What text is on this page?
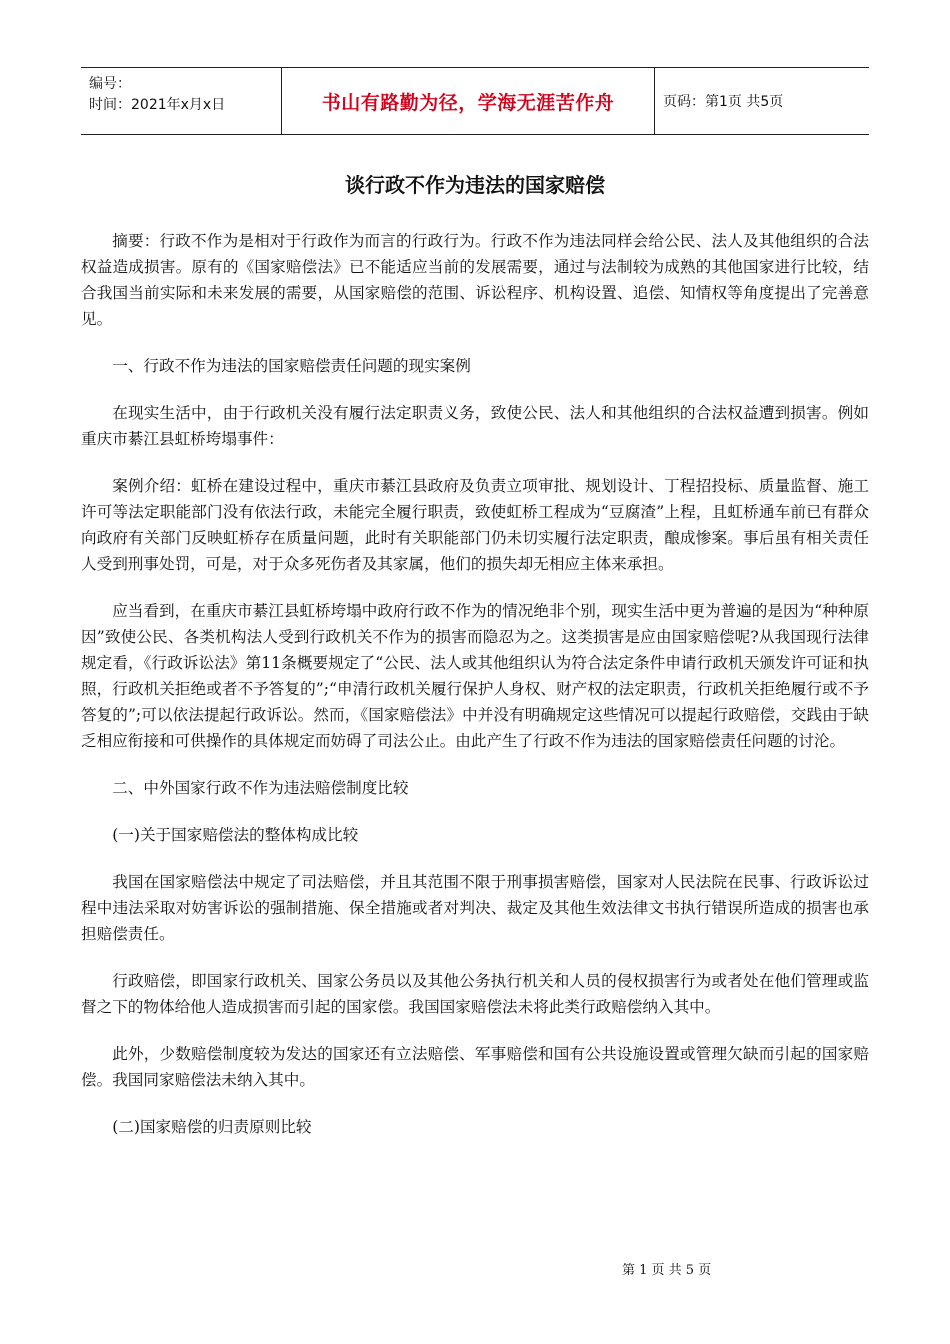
编号：
时间：2021年x月x日	书山有路勤为径，学海无涯苦作舟	页码：第1页 共5页
谈行政不作为违法的国家赔偿

摘要：行政不作为是相对于行政作为而言的行政行为。行政不作为违法同样会给公民、法人及其他组织的合法权益造成损害。原有的《国家赔偿法》已不能适应当前的发展需要，通过与法制较为成熟的其他国家进行比较，结合我国当前实际和未来发展的需要，从国家赔偿的范围、诉讼程序、机构设置、追偿、知情权等角度提出了完善意见。

一、行政不作为违法的国家赔偿责任问题的现实案例

在现实生活中，由于行政机关没有履行法定职责义务，致使公民、法人和其他组织的合法权益遭到损害。例如重庆市綦江县虹桥垮塌事件：

案例介绍：虹桥在建设过程中，重庆市綦江县政府及负责立项审批、规划设计、丁程招投标、质量监督、施工许可等法定职能部门没有依法行政，未能完全履行职责，致使虹桥工程成为“豆腐渣”上程，且虹桥通车前已有群众向政府有关部门反映虹桥存在质量问题，此时有关职能部门仍未切实履行法定职责，酿成惨案。事后虽有相关责任人受到刑事处罚，可是，对于众多死伤者及其家属，他们的损失却无相应主体来承担。

应当看到，在重庆市綦江县虹桥垮塌中政府行政不作为的情况绝非个别，现实生活中更为普遍的是因为“种种原因”致使公民、各类机构法人受到行政机关不作为的损害而隐忍为之。这类损害是应由国家赔偿呢?从我国现行法律规定看，《行政诉讼法》第11条概要规定了“公民、法人或其他组织认为符合法定条件申请行政机天颁发许可证和执照，行政机关拒绝或者不予答复的”;“申清行政机关履行保护人身权、财产权的法定职责，行政机关拒绝履行或不予答复的”;可以依法提起行政诉讼。然而，《国家赔偿法》中并没有明确规定这些情况可以提起行政赔偿，交践由于缺乏相应衔接和可供操作的具体规定而妨碍了司法公止。由此产生了行政不作为违法的国家赔偿责任问题的讨沦。

二、中外国家行政不作为违法赔偿制度比较

(一)关于国家赔偿法的整体构成比较

我国在国家赔偿法中规定了司法赔偿，并且其范围不限于刑事损害赔偿，国家对人民法院在民事、行政诉讼过程中违法采取对妨害诉讼的强制措施、保全措施或者对判决、裁定及其他生效法律文书执行错误所造成的损害也承担赔偿责任。

行政赔偿，即国家行政机关、国家公务员以及其他公务执行机关和人员的侵权损害行为或者处在他们管理或监督之下的物体给他人造成损害而引起的国家偿。我国国家赔偿法未将此类行政赔偿纳入其中。

此外，少数赔偿制度较为发达的国家还有立法赔偿、军事赔偿和国有公共设施设置或管理欠缺而引起的国家赔偿。我国同家赔偿法未纳入其中。

(二)国家赔偿的归责原则比较

第 1 页 共 5 页
